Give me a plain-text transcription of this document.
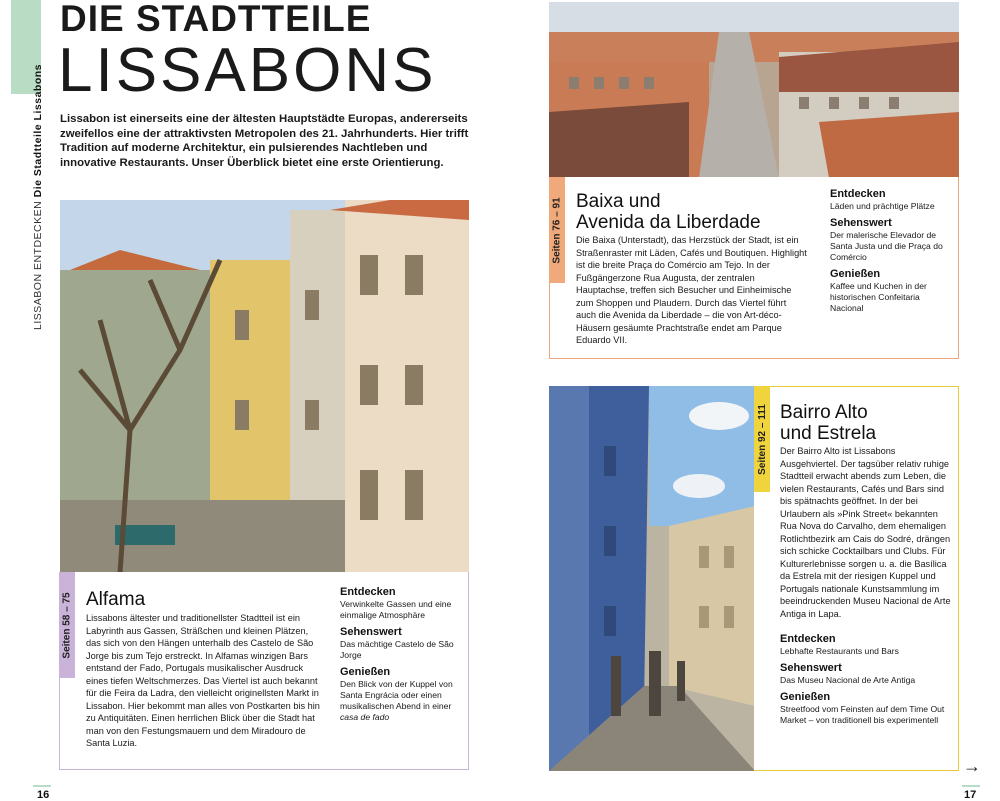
LISSABON ENTDECKEN Die Stadtteile Lissabons
DIE STADTTEILE
LISSABONS

Lissabon ist einerseits eine der ältesten Hauptstädte Europas, andererseits zweifellos eine der attraktivsten Metropolen des 21. Jahrhunderts. Hier trifft Tradition auf moderne Architektur, ein pulsierendes Nachtleben und innovative Restaurants. Unser Überblick bietet eine erste Orientierung.

Seiten 58 – 75 Alfama

Lissabons ältester und traditionellster Stadtteil ist ein Labyrinth aus Gassen, Sträßchen und kleinen Plätzen, das sich von den Hängen unterhalb des Castelo de São Jorge bis zum Tejo erstreckt. In Alfamas winzigen Bars entstand der Fado, Portugals musikalischer Ausdruck eines tiefen Weltschmerzes. Das Viertel ist auch bekannt für die Feira da Ladra, den vielleicht originellsten Markt in Lissabon. Hier bekommt man alles von Postkarten bis hin zu Antiquitäten. Einen herrlichen Blick über die Stadt hat man von den Festungsmauern und dem Miradouro de Santa Luzia.

Entdecken

Verwinkelte Gassen und eine einmalige Atmosphäre

Sehenswert

Das mächtige Castelo de São Jorge

Genießen

Den Blick von der Kuppel von Santa Engrácia oder einen musikalischen Abend in einer casa de fado

Seiten 76 – 91 Baixa und
Avenida da Liberdade

Die Baixa (Unterstadt), das Herzstück der Stadt, ist ein Straßenraster mit Läden, Cafés und Boutiquen. Highlight ist die breite Praça do Comércio am Tejo. In der Fußgängerzone Rua Augusta, der zentralen Hauptachse, treffen sich Besucher und Einheimische zum Shoppen und Plaudern. Durch das Viertel führt auch die Avenida da Liberdade – die von Art-déco-Häusern gesäumte Prachtstraße endet am Parque Eduardo VII.

Entdecken

Läden und prächtige Plätze

Sehenswert

Der malerische Elevador de Santa Justa und die Praça do Comércio

Genießen

Kaffee und Kuchen in der historischen Confeitaria Nacional

Seiten 92 – 111 Bairro Alto
und Estrela

Der Bairro Alto ist Lissabons Ausgehviertel. Der tagsüber relativ ruhige Stadtteil erwacht abends zum Leben, die vielen Restaurants, Cafés und Bars sind bis spätnachts geöffnet. In der bei Urlaubern als »Pink Street« bekannten Rua Nova do Carvalho, dem ehemaligen Rotlichtbezirk am Cais do Sodré, drängen sich schicke Cocktailbars und Clubs. Für Kulturerlebnisse sorgen u. a. die Basílica da Estrela mit der riesigen Kuppel und Portugals nationale Kunstsammlung im beeindruckenden Museu Nacional de Arte Antiga in Lapa.

Entdecken

Lebhafte Restaurants und Bars

Sehenswert

Das Museu Nacional de Arte Antiga

Genießen

Streetfood vom Feinsten auf dem Time Out Market – von traditionell bis experimentell

16	17
→
